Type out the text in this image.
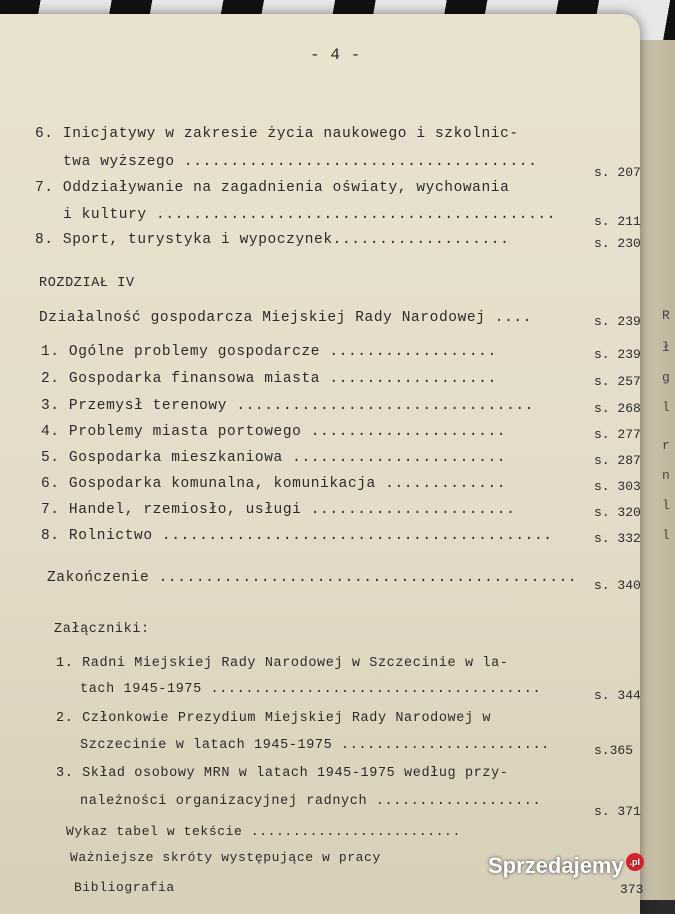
R
ł
g
l
r
n
l
l
- 4 -
6. Inicjatywy w zakresie życia naukowego i szkolnic-
twa wyższego ......................................
s. 207
7. Oddziaływanie na zagadnienia oświaty, wychowania
i kultury ...........................................	s. 211
8. Sport, turystyka i wypoczynek...................	s. 230
ROZDZIAŁ IV
Działalność gospodarcza Miejskiej Rady Narodowej ....	s. 239
1. Ogólne problemy gospodarcze ..................	s. 239
2. Gospodarka finansowa miasta ..................	s. 257
3. Przemysł terenowy ................................	s. 268
4. Problemy miasta portowego .....................	s. 277
5. Gospodarka mieszkaniowa .......................	s. 287
6. Gospodarka komunalna, komunikacja .............	s. 303
7. Handel, rzemiosło, usługi ......................	s. 320
8. Rolnictwo ..........................................	s. 332
Zakończenie ............................................. s. 340
Załączniki:
1. Radni Miejskiej Rady Narodowej w Szczecinie w la-
tach 1945-1975 ......................................	s. 344
2. Członkowie Prezydium Miejskiej Rady Narodowej w
Szczecinie w latach 1945-1975 ........................	s.365
3. Skład osobowy MRN w latach 1945-1975 według przy-
należności organizacyjnej radnych ...................
s. 371
Wykaz tabel w tekście .........................
Ważniejsze skróty występujące w pracy
Bibliografia	373
Sprzedajemy .pl
